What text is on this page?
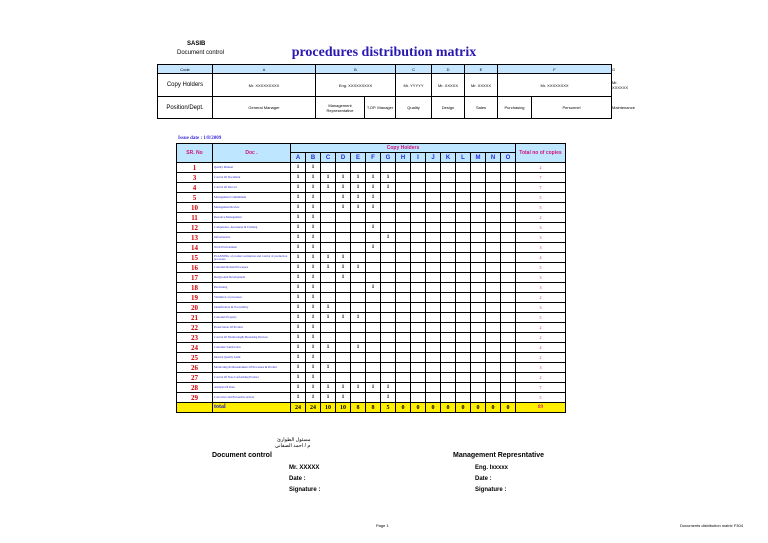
SASIB
Document control	procedures distribution matrix
Code	A	B		C	D	E	F		G
Copy Holders	Mr. XXXXXXXXX	Eng. XXXXXXXXX		Mr. YYYYY	Mr. XXXXX	Mr. XXXXX	Mr. XXXXXXXX		Mr. XXXXXX
Position/Dept.	General Manager	Management Representative	T.OP. Manager	Quality	Design	Sales	Purchasing	Personnel	Maintenance
Issue date : 1/8/2009
SR. No	Doc .	Copy Holders															Total no of copies
		A	B	C	D	E	F	G	H	I	J	K	L	M	N	O	
1	Quality Manual	1	1														2
3	Control Of Document	1	1	1	1	1	1	1									7
4	Control Of Record	1	1	1	1	1	1	1									7
5	Management Commitment	1	1		1	1	1										5
10	Management Review	1	1		1	1	1										5
11	Resource Management	1	1														2
12	Competence, Awareness & Training	1	1				1										3
13	Infrastructure	1	1					1									3
14	Work Environment	1	1				1										3
15	PLANNING of product realization and control of production processes	1	1	1	1												4
16	Customer Related Processes	1	1	1	1	1											5
17	Design And Development	1	1		1												3
18	Purchasing	1	1				1										3
19	Validation of processes	1	1														2
20	Identification & Traceability	1	1	1													3
21	Customer Property	1	1	1	1	1											5
22	Preservation Of Product	1	1														2
23	Control Of Monitoring& Measuring Devices	1	1														2
24	Customer Satisfaction	1	1	1		1											4
25	Internal Quality Audit	1	1														2
26	Monitoring & Measurement Of Processes & Product	1	1	1													3
27	Control Of Non-Conforming Product	1	1														2
28	Analysis Of Data	1	1	1	1	1	1	1									7
29	Corrective and Preventive Action	1	1	1	1			1									5
	total	24	24	10	10	8	8	5	0	0	0	0	0	0	0	0	89
مسئول الطوارئ
م / احمد الصفاني
Document control
Mr. XXXXX
Date :
Signature :
Management Represntative
Eng. Ixxxxx
Date :
Signature :
Page 1	Documents distribution matrix F304
